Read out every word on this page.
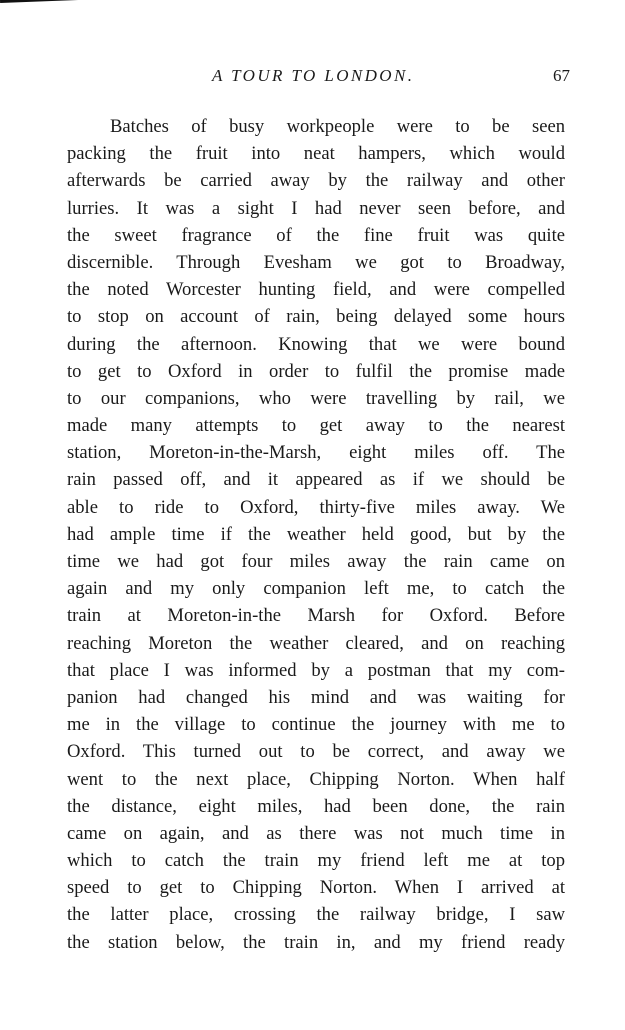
A TOUR TO LONDON.	67
Batches of busy workpeople were to be seen
packing the fruit into neat hampers, which would
afterwards be carried away by the railway and other
lurries. It was a sight I had never seen before, and
the sweet fragrance of the fine fruit was quite
discernible. Through Evesham we got to Broadway,
the noted Worcester hunting field, and were compelled
to stop on account of rain, being delayed some hours
during the afternoon. Knowing that we were bound
to get to Oxford in order to fulfil the promise made
to our companions, who were travelling by rail, we
made many attempts to get away to the nearest
station, Moreton-in-the-Marsh, eight miles off. The
rain passed off, and it appeared as if we should be
able to ride to Oxford, thirty-five miles away. We
had ample time if the weather held good, but by the
time we had got four miles away the rain came on
again and my only companion left me, to catch the
train at Moreton-in-the Marsh for Oxford. Before
reaching Moreton the weather cleared, and on reaching
that place I was informed by a postman that my com-
panion had changed his mind and was waiting for
me in the village to continue the journey with me to
Oxford. This turned out to be correct, and away we
went to the next place, Chipping Norton. When half
the distance, eight miles, had been done, the rain
came on again, and as there was not much time in
which to catch the train my friend left me at top
speed to get to Chipping Norton. When I arrived at
the latter place, crossing the railway bridge, I saw
the station below, the train in, and my friend ready
